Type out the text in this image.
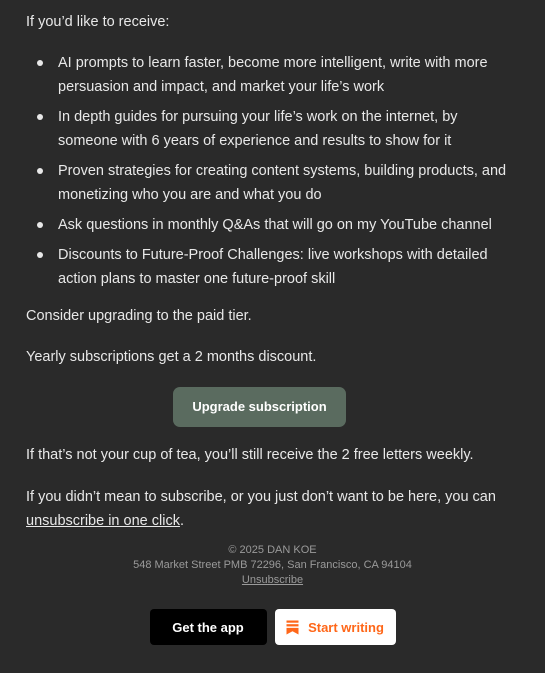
If you’d like to receive:

AI prompts to learn faster, become more intelligent, write with more persuasion and impact, and market your life’s work
In depth guides for pursuing your life’s work on the internet, by someone with 6 years of experience and results to show for it
Proven strategies for creating content systems, building products, and monetizing who you are and what you do
Ask questions in monthly Q&As that will go on my YouTube channel
Discounts to Future-Proof Challenges: live workshops with detailed action plans to master one future-proof skill

Consider upgrading to the paid tier.

Yearly subscriptions get a 2 months discount.

Upgrade subscription

If that’s not your cup of tea, you’ll still receive the 2 free letters weekly.

If you didn’t mean to subscribe, or you just don’t want to be here, you can unsubscribe in one click.

© 2025 DAN KOE
548 Market Street PMB 72296, San Francisco, CA 94104
Unsubscribe
Get the app	Start writing
